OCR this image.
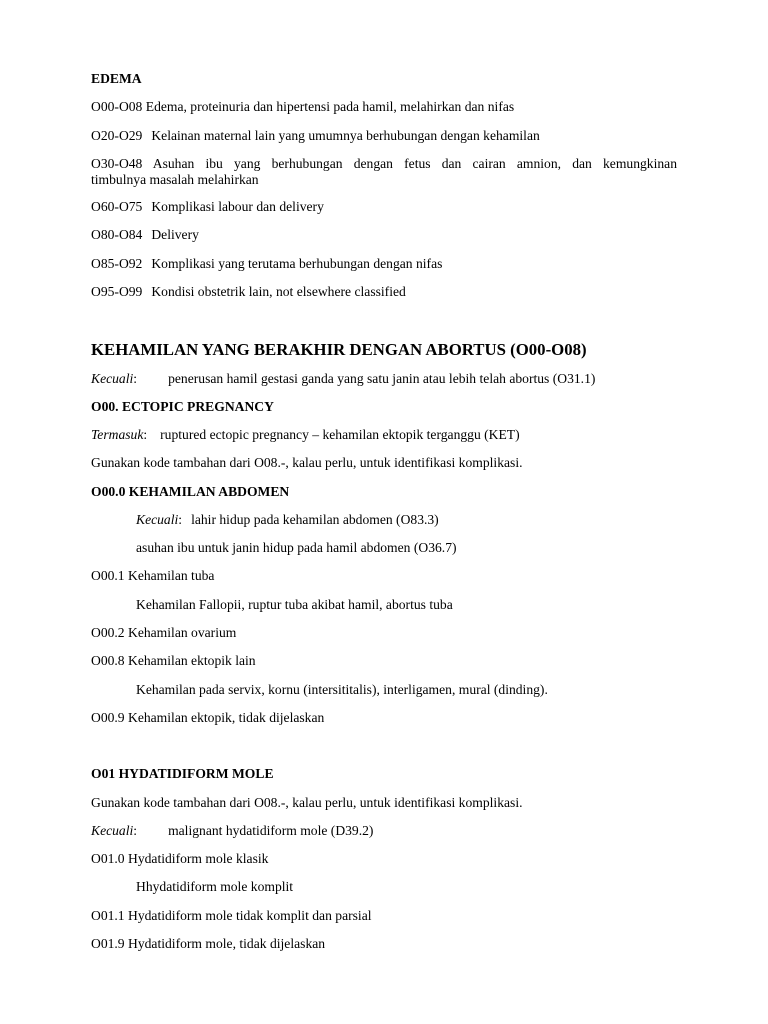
EDEMA
O00-O08 Edema, proteinuria dan hipertensi pada hamil, melahirkan dan nifas
O20-O29 Kelainan maternal lain yang umumnya berhubungan dengan kehamilan
O30-O48 Asuhan ibu yang berhubungan dengan fetus dan cairan amnion, dan kemungkinan
timbulnya masalah melahirkan
O60-O75 Komplikasi labour dan delivery
O80-O84 Delivery
O85-O92 Komplikasi yang terutama berhubungan dengan nifas
O95-O99 Kondisi obstetrik lain, not elsewhere classified
KEHAMILAN YANG BERAKHIR DENGAN ABORTUS (O00-O08)
Kecuali: penerusan hamil gestasi ganda yang satu janin atau lebih telah abortus (O31.1)
O00. ECTOPIC PREGNANCY
Termasuk: ruptured ectopic pregnancy – kehamilan ektopik terganggu (KET)
Gunakan kode tambahan dari O08.-, kalau perlu, untuk identifikasi komplikasi.
O00.0 KEHAMILAN ABDOMEN
Kecuali: lahir hidup pada kehamilan abdomen (O83.3)
asuhan ibu untuk janin hidup pada hamil abdomen (O36.7)
O00.1 Kehamilan tuba
Kehamilan Fallopii, ruptur tuba akibat hamil, abortus tuba
O00.2 Kehamilan ovarium
O00.8 Kehamilan ektopik lain
Kehamilan pada servix, kornu (intersititalis), interligamen, mural (dinding).
O00.9 Kehamilan ektopik, tidak dijelaskan
O01 HYDATIDIFORM MOLE
Gunakan kode tambahan dari O08.-, kalau perlu, untuk identifikasi komplikasi.
Kecuali: malignant hydatidiform mole (D39.2)
O01.0 Hydatidiform mole klasik
Hhydatidiform mole komplit
O01.1 Hydatidiform mole tidak komplit dan parsial
O01.9 Hydatidiform mole, tidak dijelaskan
